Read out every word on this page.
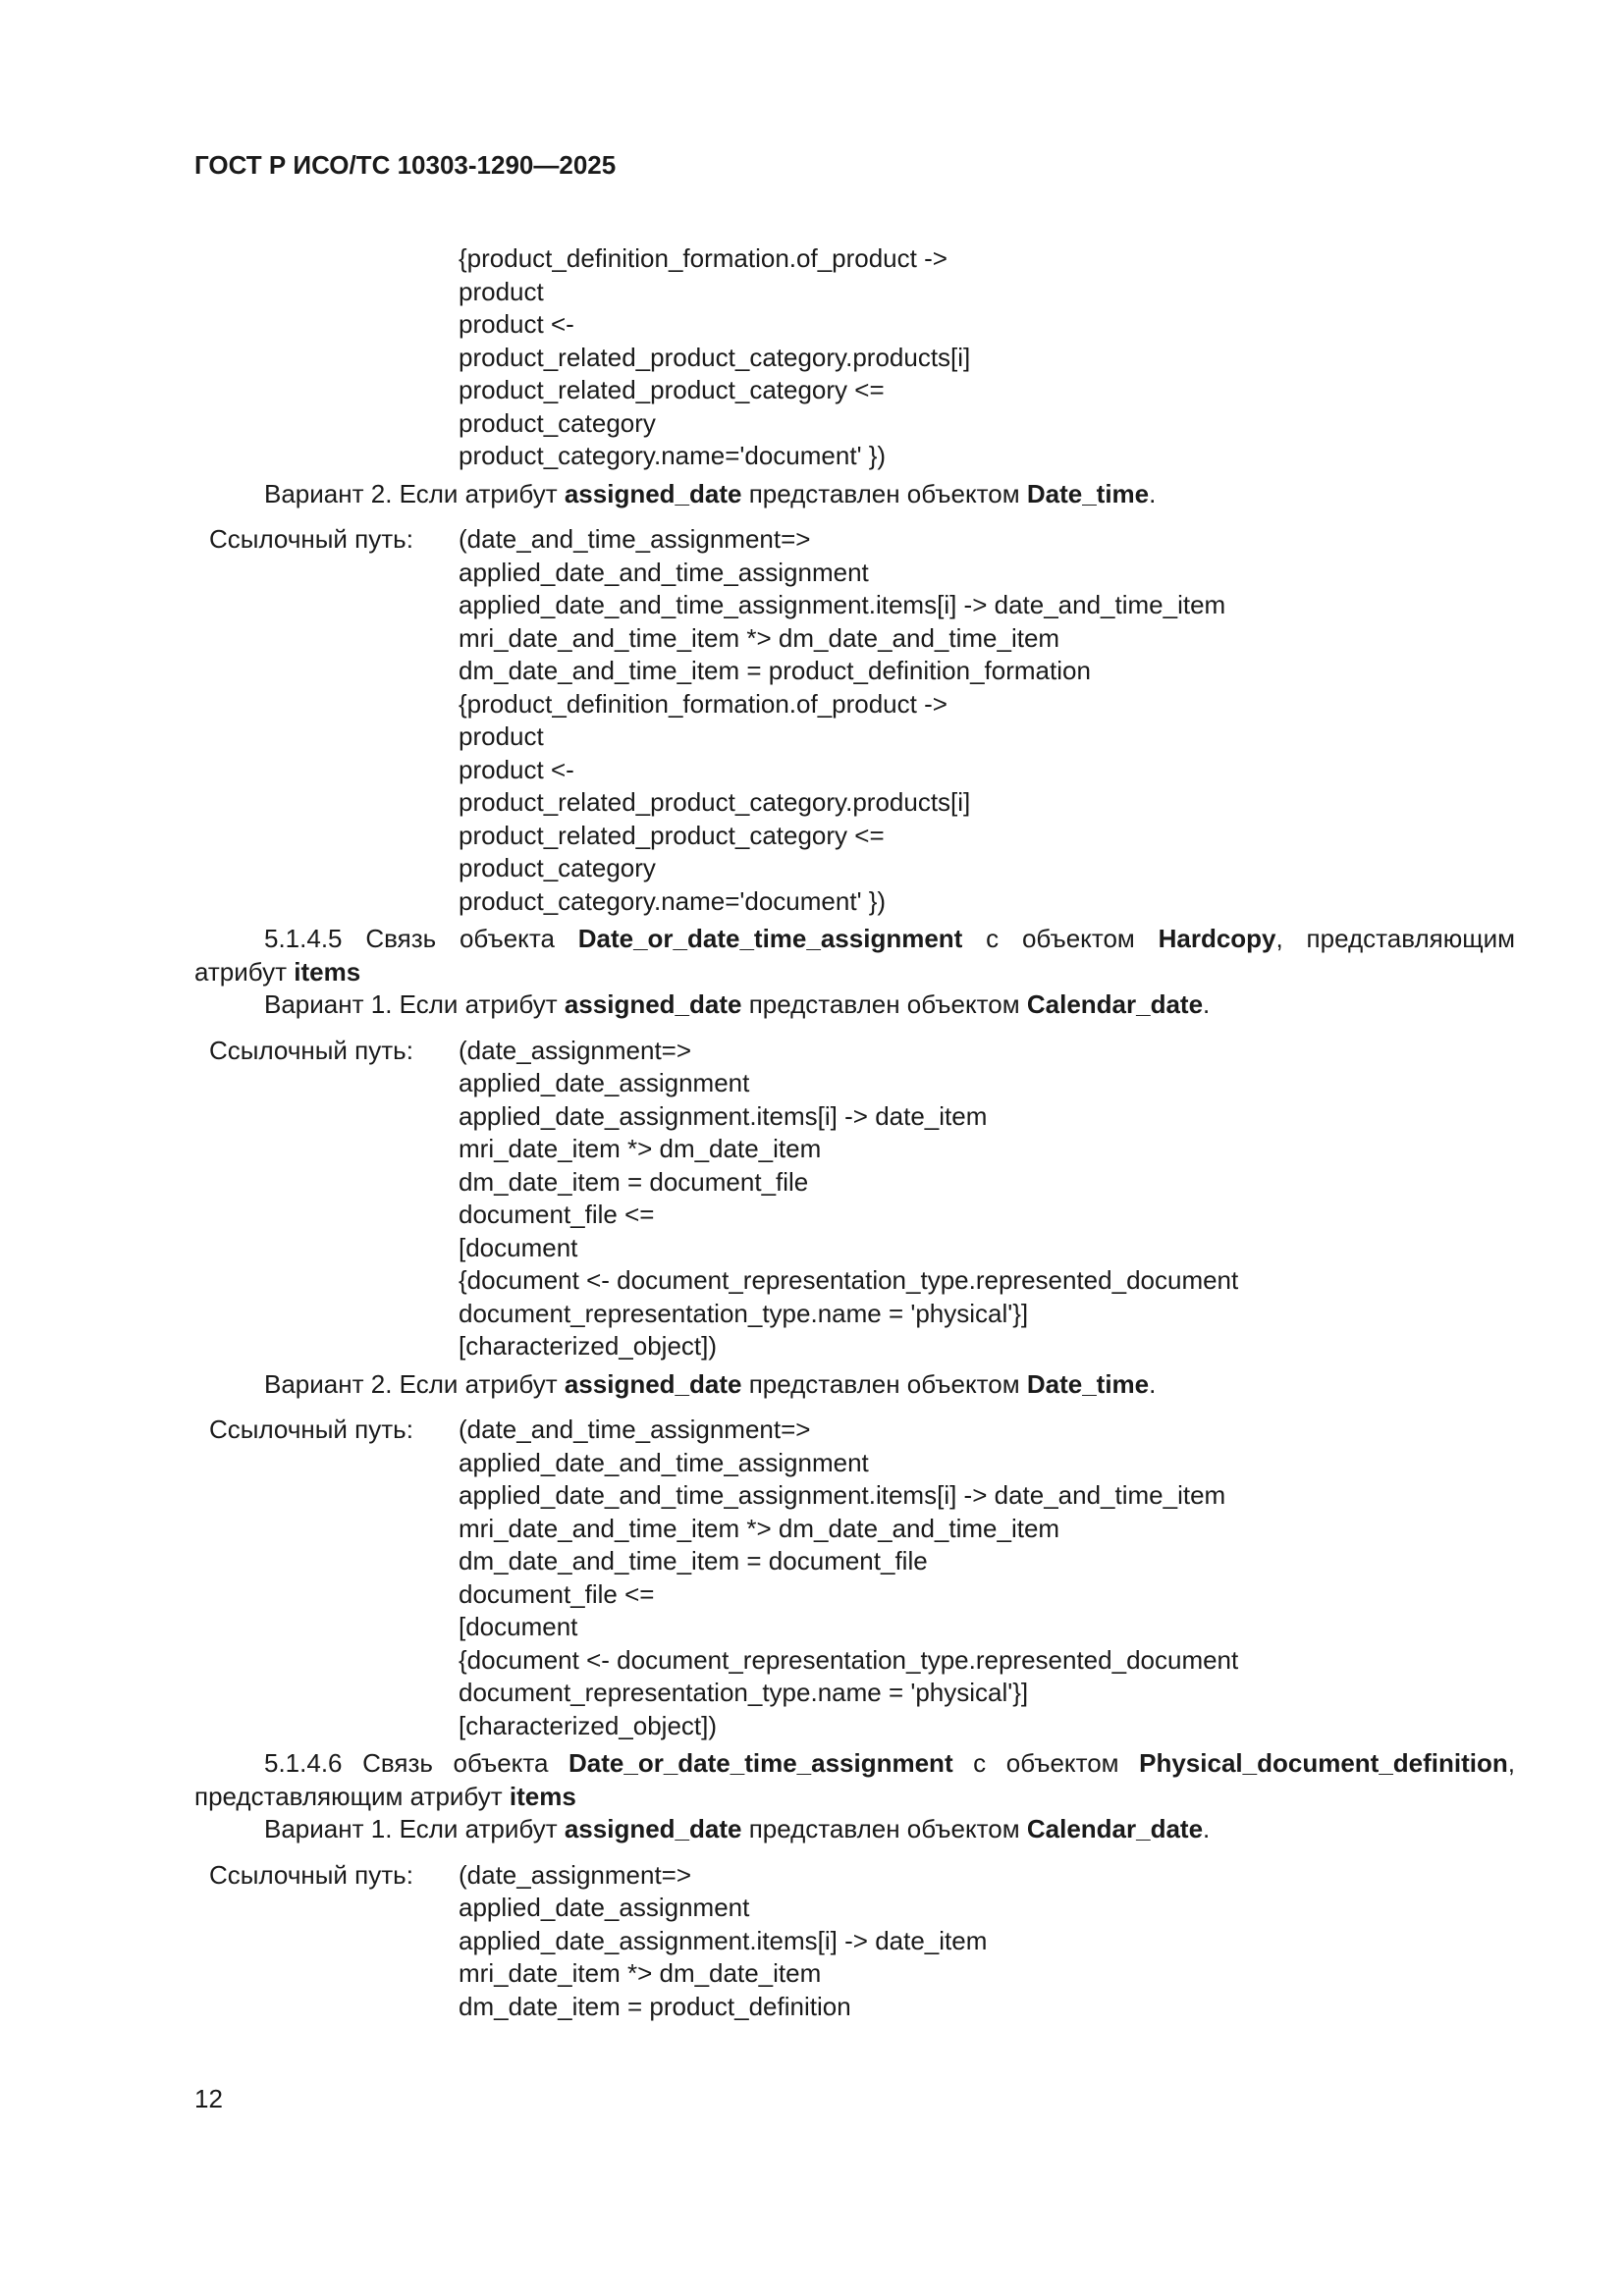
ГОСТ Р ИСО/ТС 10303-1290—2025
{product_definition_formation.of_product ->
product
product <-
product_related_product_category.products[i]
product_related_product_category <=
product_category
product_category.name='document' })
Вариант 2. Если атрибут assigned_date представлен объектом Date_time.
Ссылочный путь:	(date_and_time_assignment=>
applied_date_and_time_assignment
applied_date_and_time_assignment.items[i] -> date_and_time_item
mri_date_and_time_item *> dm_date_and_time_item
dm_date_and_time_item = product_definition_formation
{product_definition_formation.of_product ->
product
product <-
product_related_product_category.products[i]
product_related_product_category <=
product_category
product_category.name='document' })
5.1.4.5 Связь объекта Date_or_date_time_assignment с объектом Hardcopy, представляющим
атрибут items
Вариант 1. Если атрибут assigned_date представлен объектом Calendar_date.
Ссылочный путь:	(date_assignment=>
applied_date_assignment
applied_date_assignment.items[i] -> date_item
mri_date_item *> dm_date_item
dm_date_item = document_file
document_file <=
[document
{document <- document_representation_type.represented_document
document_representation_type.name = 'physical'}]
[characterized_object])
Вариант 2. Если атрибут assigned_date представлен объектом Date_time.
Ссылочный путь:	(date_and_time_assignment=>
applied_date_and_time_assignment
applied_date_and_time_assignment.items[i] -> date_and_time_item
mri_date_and_time_item *> dm_date_and_time_item
dm_date_and_time_item = document_file
document_file <=
[document
{document <- document_representation_type.represented_document
document_representation_type.name = 'physical'}]
[characterized_object])
5.1.4.6 Связь объекта Date_or_date_time_assignment с объектом Physical_document_definition,
представляющим атрибут items
Вариант 1. Если атрибут assigned_date представлен объектом Calendar_date.
Ссылочный путь:	(date_assignment=>
applied_date_assignment
applied_date_assignment.items[i] -> date_item
mri_date_item *> dm_date_item
dm_date_item = product_definition
12
